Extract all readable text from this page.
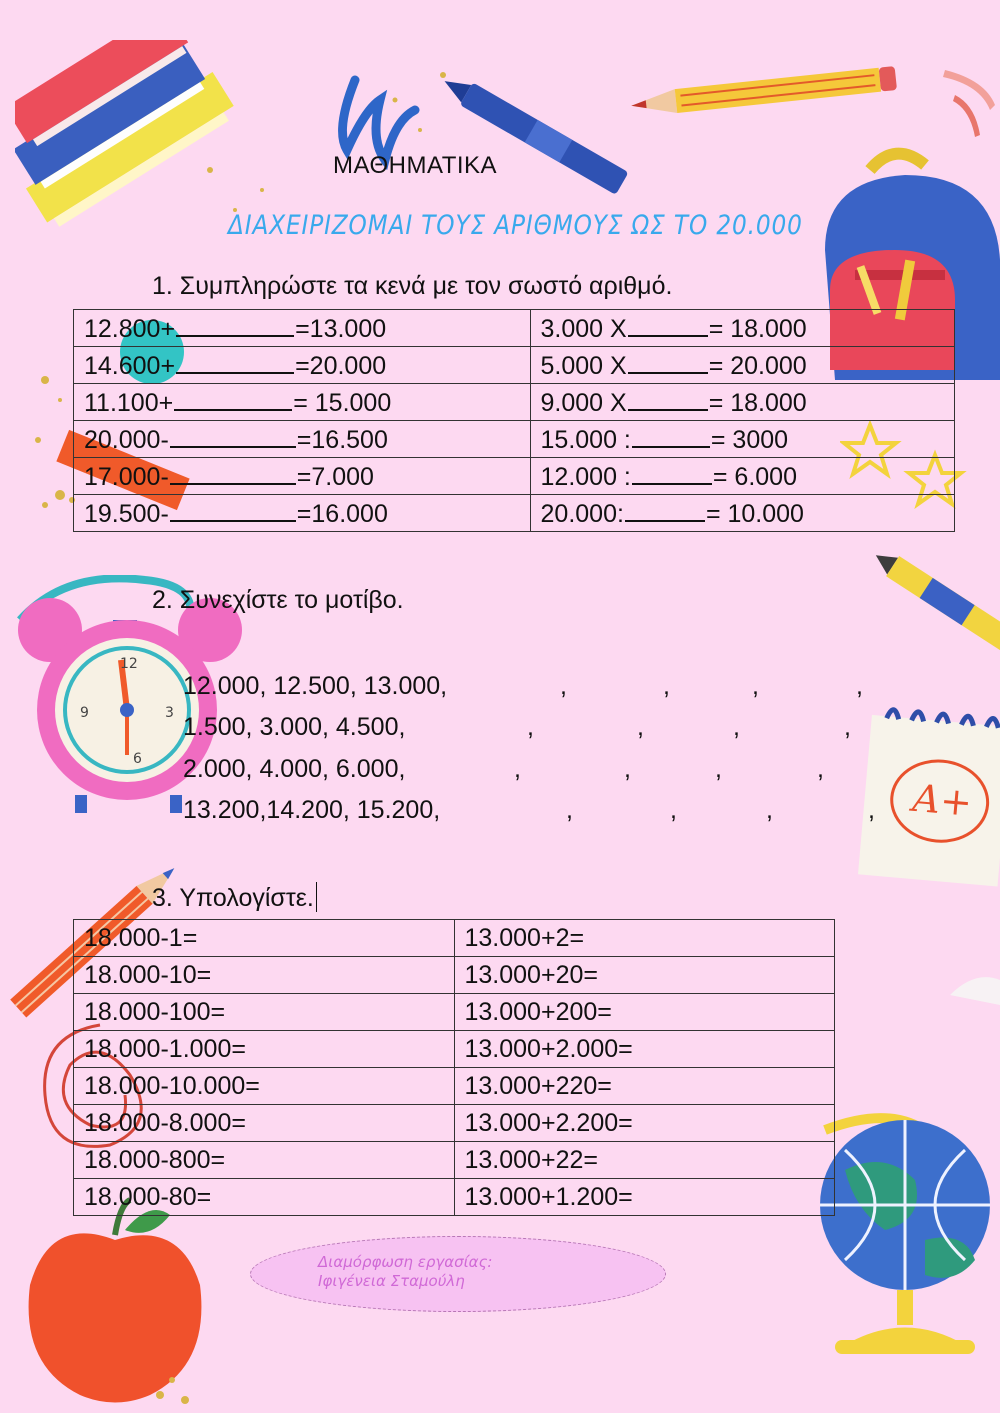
12
9	3
6
A+
ΜΑΘΗΜΑΤΙΚΑ
ΔΙΑΧΕΙΡΙΖΟΜΑΙ ΤΟΥΣ ΑΡΙΘΜΟΥΣ ΩΣ ΤΟ 20.000
1. Συμπληρώστε τα κενά με τον σωστό αριθμό.
12.800+ =13.000	3.000 Χ = 18.000
14.600+ =20.000	5.000 Χ = 20.000
11.100+ = 15.000	9.000 Χ = 18.000
20.000- =16.500	15.000 : = 3000
17.000- =7.000	12.000 : = 6.000
19.500- =16.000	20.000: = 10.000
2. Συνεχίστε το μοτίβο.
12.000, 12.500, 13.000,
1.500, 3.000, 4.500,
2.000, 4.000, 6.000,
13.200,14.200, 15.200,
,	,	,	,
,	,	,	,
,	,	,	,
,	,	,	,
3. Υπολογίστε.
18.000-1=	13.000+2=
18.000-10=	13.000+20=
18.000-100=	13.000+200=
18.000-1.000=	13.000+2.000=
18.000-10.000=	13.000+220=
18.000-8.000=	13.000+2.200=
18.000-800=	13.000+22=
18.000-80=	13.000+1.200=
Διαμόρφωση εργασίας:
Ιφιγένεια Σταμούλη
